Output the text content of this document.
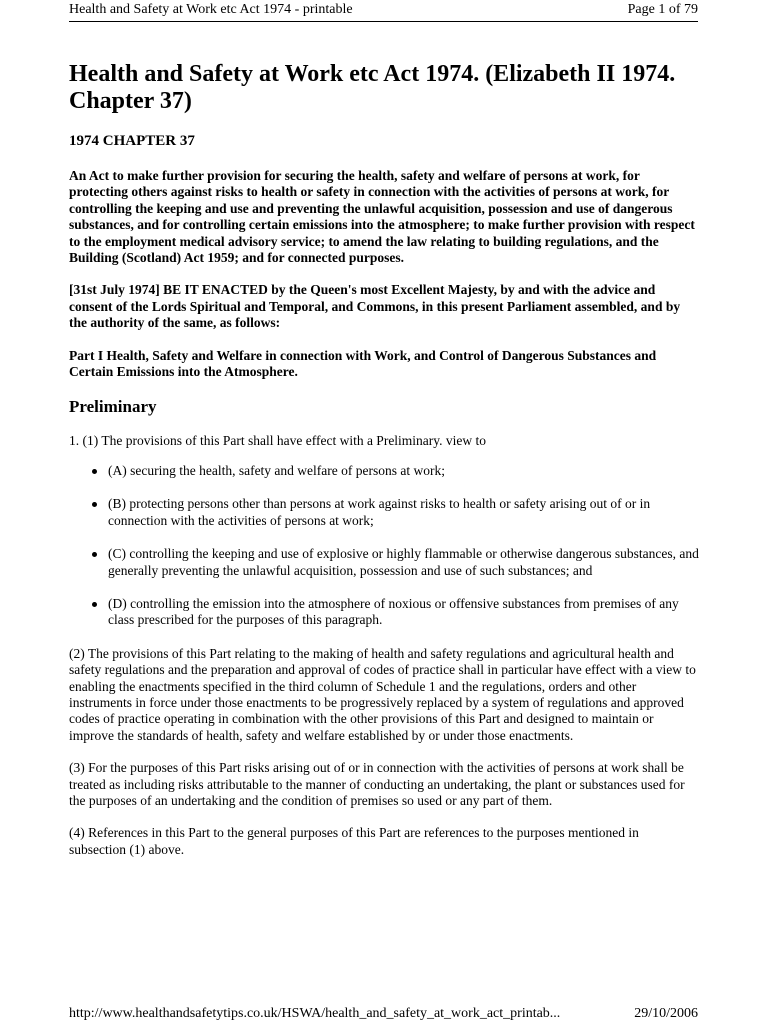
Health and Safety at Work etc Act 1974 - printable	Page 1 of 79
Health and Safety at Work etc Act 1974. (Elizabeth II 1974. Chapter 37)

1974 CHAPTER 37

An Act to make further provision for securing the health, safety and welfare of persons at work, for protecting others against risks to health or safety in connection with the activities of persons at work, for controlling the keeping and use and preventing the unlawful acquisition, possession and use of dangerous substances, and for controlling certain emissions into the atmosphere; to make further provision with respect to the employment medical advisory service; to amend the law relating to building regulations, and the Building (Scotland) Act 1959; and for connected purposes.

[31st July 1974] BE IT ENACTED by the Queen's most Excellent Majesty, by and with the advice and consent of the Lords Spiritual and Temporal, and Commons, in this present Parliament assembled, and by the authority of the same, as follows:

Part I Health, Safety and Welfare in connection with Work, and Control of Dangerous Substances and Certain Emissions into the Atmosphere.

Preliminary

1. (1) The provisions of this Part shall have effect with a Preliminary. view to

(A) securing the health, safety and welfare of persons at work;
(B) protecting persons other than persons at work against risks to health or safety arising out of or in connection with the activities of persons at work;
(C) controlling the keeping and use of explosive or highly flammable or otherwise dangerous substances, and generally preventing the unlawful acquisition, possession and use of such substances; and
(D) controlling the emission into the atmosphere of noxious or offensive substances from premises of any class prescribed for the purposes of this paragraph.

(2) The provisions of this Part relating to the making of health and safety regulations and agricultural health and safety regulations and the preparation and approval of codes of practice shall in particular have effect with a view to enabling the enactments specified in the third column of Schedule 1 and the regulations, orders and other instruments in force under those enactments to be progressively replaced by a system of regulations and approved codes of practice operating in combination with the other provisions of this Part and designed to maintain or improve the standards of health, safety and welfare established by or under those enactments.

(3) For the purposes of this Part risks arising out of or in connection with the activities of persons at work shall be treated as including risks attributable to the manner of conducting an undertaking, the plant or substances used for the purposes of an undertaking and the condition of premises so used or any part of them.

(4) References in this Part to the general purposes of this Part are references to the purposes mentioned in subsection (1) above.

http://www.healthandsafetytips.co.uk/HSWA/health_and_safety_at_work_act_printab...	29/10/2006
